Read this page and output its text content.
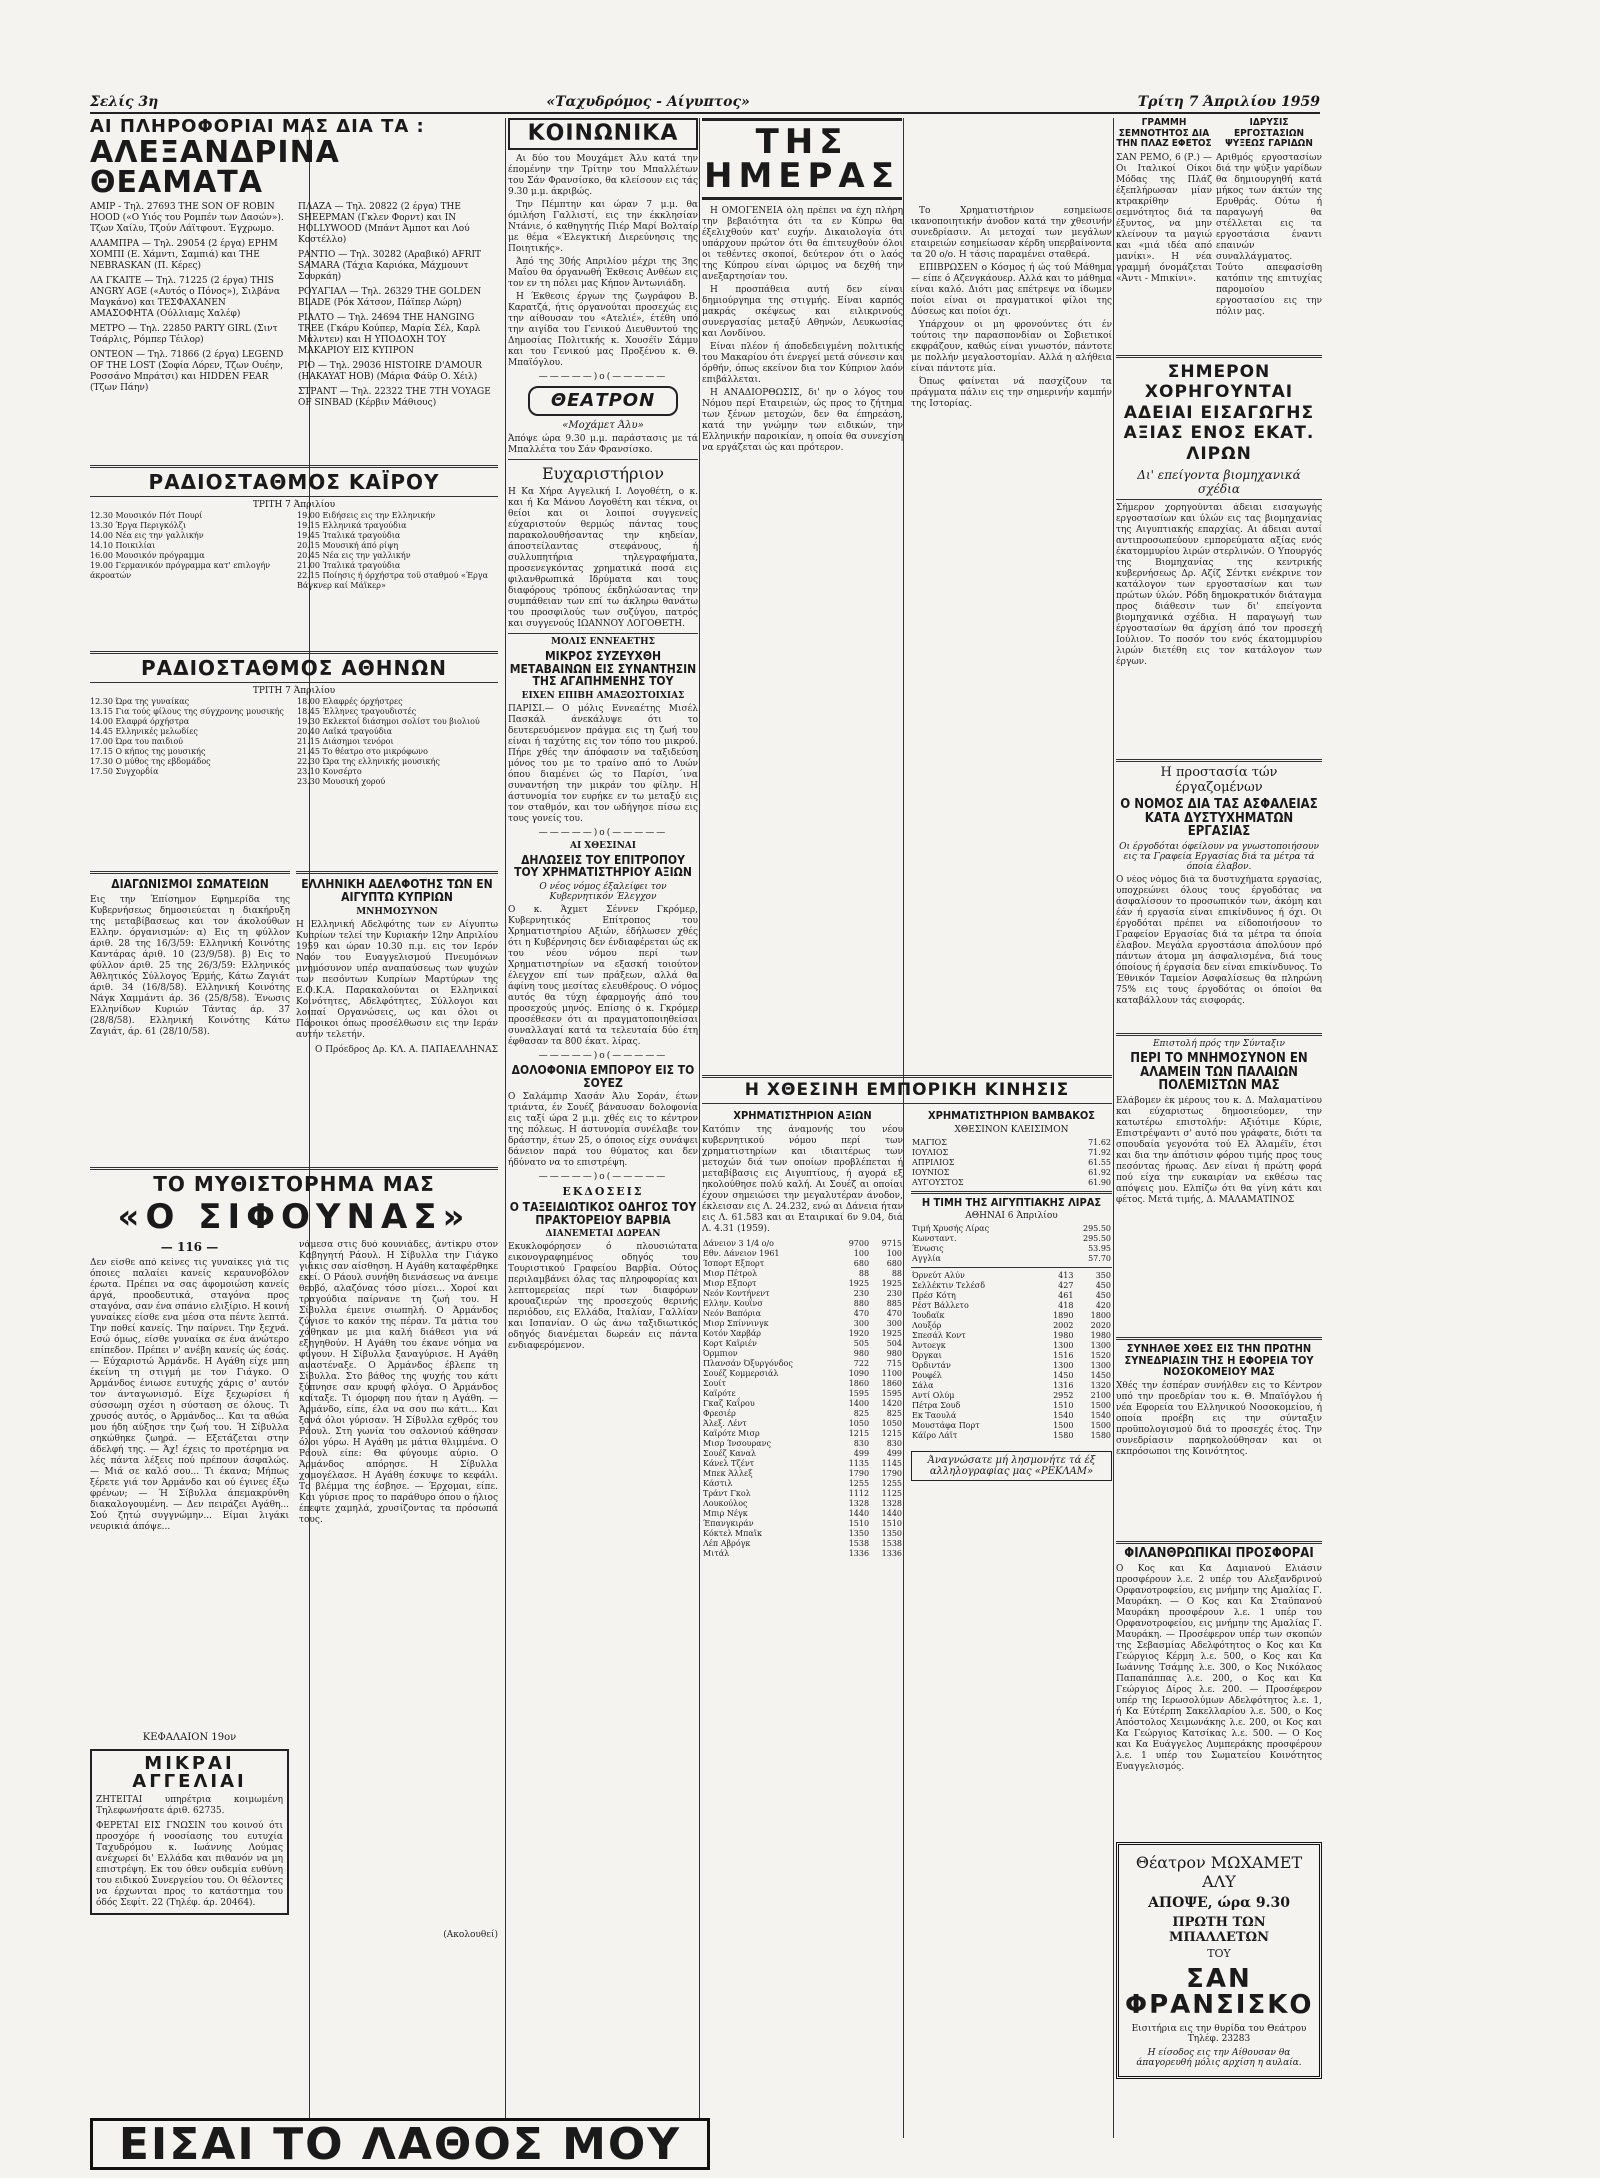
Σελίς 3η	«Ταχυδρόμος - Αίγυπτος»	Τρίτη 7 Άπριλίου 1959
ΑΙ ΠΛΗΡΟΦΟΡΙΑΙ ΜΑΣ ΔΙΑ ΤΑ :
ΑΛΕΞΑΝΔΡΙΝΑ ΘΕΑΜΑΤΑ
ΑΜΙΡ - Τηλ. 27693 THE SON OF ROBIN HOOD («Ο Υιός του Ρομπέν των Δασών»). Τζων Χαίλυ, Τζούν Λάϊτφουτ. Έγχρωμο.
ΑΛΑΜΠΡΑ — Τηλ. 29054 (2 έργα) ΕΡΗΜ ΧΟΜΠΙ (Ε. Χάμντι, Σαμπιά) και THE NEBRASKAN (Π. Κέρες)
ΛΑ ΓΚΑΙΤΕ — Τηλ. 71225 (2 έργα) THIS ANGRY AGE («Αυτός ο Πόνος»), Σιλβάνα Μαγκάνο) και ΤΕΣΦΑΧΑΝΕΝ ΑΜΑΣΟΦΗΤΑ (Ούλλιαμς Χαλέφ)
ΜΕΤΡΟ — Τηλ. 22850 PARTY GIRL (Σιντ Τσάρλις, Ρόμπερ Τέιλορ)
ΟΝΤΕΟΝ — Τηλ. 71866 (2 έργα) LEGEND OF THE LOST (Σοφία Λόρεν, Τζων Ουέην, Ροσσάνο Μπράτσι) και HIDDEN FEAR (Τζων Πάην)
ΠΛΑΖΑ — Τηλ. 20822 (2 έργα) THE SHEEPMAN (Γκλεν Φορντ) και IN HOLLYWOOD (Μπάντ Άμποτ και Λού Κοστέλλο)
ΡΑΝΤΙΟ — Τηλ. 30282 (Αραβικό) AFRIT SAMARA (Τάχια Καριόκα, Μάχμουντ Σουρκάη)
ΡΟΥΑΓΙΑΛ — Τηλ. 26329 THE GOLDEN BLADE (Ρόκ Χάτσον, Πάϊπερ Λώρη)
ΡΙΑΛΤΟ — Τηλ. 24694 THE HANGING TREE (Γκάρυ Κούπερ, Μαρία Σέλ, Καρλ Μάλντεν) και Η ΥΠΟΔΟΧΗ ΤΟΥ ΜΑΚΑΡΙΟΥ ΕΙΣ ΚΥΠΡΟΝ
ΡΙΟ — Τηλ. 29036 HISTOIRE D'AMOUR (HAKAYAT HOB) (Μάρια Φάϋρ Ο. Χέιλ)
ΣΤΡΑΝΤ — Τηλ. 22322 THE 7TH VOYAGE OF SINBAD (Κέρβιν Μάθιους)
ΡΑΔΙΟΣΤΑΘΜΟΣ ΚΑΪΡΟΥ
ΤΡΙΤΗ 7 Άπριλίου
12.30 Μουσικόν Πότ Πουρί
13.30 Έργα Περιγκόλζι
14.00 Νέα εις την γαλλικήν
14.10 Ποικιλίαι
16.00 Μουσικόν πρόγραμμα
19.00 Γερμανικόν πρόγραμμα κατ' επιλογήν άκροατών
19.00 Ειδήσεις εις την Ελληνικήν
19.15 Ελληνικά τραγούδια
19.45 Ίταλικά τραγούδια
20.15 Μουσική άπό ρίψη
20.45 Νέα εις την γαλλικήν
21.00 Ίταλικά τραγούδια
22.15 Ποίησις ή όρχήστρα τοϋ σταθμού «Έργα Βάγκνερ καί Μάϊκερ»
ΡΑΔΙΟΣΤΑΘΜΟΣ ΑΘΗΝΩΝ
ΤΡΙΤΗ 7 Άπριλίου
12.30 Ώρα της γυναίκας
13.15 Για τούς φίλους της σύγχρονης μουσικής
14.00 Ελαφρά όρχήστρα
14.45 Ελληνικές μελωδίες
17.00 Ώρα του παιδιού
17.15 Ο κήπος της μουσικής
17.30 Ο μύθος της εβδομάδος
17.50 Συγχορδία
18.00 Ελαφρές όρχήστρες
18.45 Έλληνες τραγουδιστές
19.30 Εκλεκτοί διάσημοι σολίστ του βιολιού
20.40 Λαϊκά τραγούδια
21.15 Διάσημοι τενόροι
21.45 Το θέατρο στο μικρόφωνο
22.30 Ώρα της ελληνικής μουσικής
23.10 Κονσέρτο
23.30 Μουσική χορού
ΔΙΑΓΩΝΙΣΜΟΙ ΣΩΜΑΤΕΙΩΝ
Εις την Έπίσημον Εφημερίδα της Κυβερνήσεως δημοσιεύεται η διακήρυξη της μεταβίβασεως και τον άκολούθων Ελλην. όργανισμών: α) Εις τη φύλλον άριθ. 28 της 16/3/59: Ελληνική Κοινότης Καντάρας άριθ. 10 (23/9/58). β) Εις το φύλλον άριθ. 25 της 26/3/59: Ελληνικός Άθλητικός Σύλλογος Έρμής, Κάτω Ζαγιάτ άριθ. 34 (16/8/58). Ελληνική Κοινότης Νάγκ Χαμμάντι άρ. 36 (25/8/58). Ένωσις Ελληνίδων Κυριών Τάντας άρ. 37 (28/8/58). Ελληνική Κοινότης Κάτω Ζαγιάτ, άρ. 61 (28/10/58).
ΕΛΛΗΝΙΚΗ ΑΔΕΛΦΟΤΗΣ ΤΩΝ ΕΝ ΑΙΓΥΠΤΩ ΚΥΠΡΙΩΝ
ΜΝΗΜΟΣΥΝΟΝ
Η Ελληνική Αδελφότης των εν Αίγυπτω Κυπρίων τελεί την Κυριακήν 12ην Απριλίου 1959 και ώραν 10.30 π.μ. εις τον Ιερόν Ναόν του Ευαγγελισμού Πνευμόνων μνημόσυνον υπέρ αναπαύσεως των ψυχών των πεσόντων Κυπρίων Μαρτύρων της Ε.Ο.Κ.Α. Παρακαλούνται οι Ελληνικαί Κοινότητες, Αδελφότητες, Σύλλογοι και λοιπαί Οργανώσεις, ως και όλοι οι Πάροικοι όπως προσέλθωσιν εις την Ιεράν αυτήν τελετήν.
Ο Πρόεδρος Δρ. ΚΛ. Α. ΠΑΠΑΕΛΛΗΝΑΣ
ΤΟ ΜΥΘΙΣΤΟΡΗΜΑ ΜΑΣ
«Ο ΣΙΦΟΥΝΑΣ»
— 116 —
Δεν είσθε από κείνες τις γυναίκες γιά τις όποιες παλαίει κανείς κεραυνοβόλον έρωτα. Πρέπει να σας άφομοιώση κανείς άργά, προοδευτικά, σταγόνα προς σταγόνα, σαν ένα σπάνιο ελιξίριο. Η κοινή γυναίκες είσθε ενα μέσα στα πέντε λεπτά. Την ποθεί κανείς. Την παίρνει. Την ξεχνά. Εσώ όμως, είσθε γυναίκα σε ένα άνώτερο επίπεδον. Πρέπει ν' ανέβη κανείς ώς έσάς. — Εύχαριστώ Άρμάνδε. Η Αγάθη είχε μπη έκείνη τη στιγμή με τον Γιάγκο. Ο Άρμάνδος ένιωσε ευτυχής χάρις σ' αυτόν τον άνταγωνισμό. Είχε ξεχωρίσει ή σύσσωμη σχέσι η σύσταση σε όλους. Τι χρυσός αυτός, ο Άρμάνδος... Και τα αθώα μου ήδη αύξησε την ζωή του. Ή Σίβυλλα σηκώθηκε ζωηρά. — Εξετάζεται στην άδελφή της. — Άχ! έχεις το προτέρημα να λές πάντα λέξεις πού πρέπουν άσφαλώς. — Μιά σε καλό σου... Τι έκανα; Μήπως ξέρετε γιά τον Άρμάνδο και ού έγινες έξω φρένων; — Ή Σίβυλλα άπεμακρύνθη διακαλογουμένη. — Δεν πειράζει Αγάθη... Σού ζητώ συγγνώμην... Είμαι λιγάκι νευρικιά άπόψε...
ΚΕΦΑΛΑΙΟΝ 19ον
ΜΙΚΡΑΙ ΑΓΓΕΛΙΑΙ
ΖΗΤΕΙΤΑΙ υπηρέτρια κοιμωμένη Τηλεφωνήσατε άριθ. 62735.
ΦΕΡΕΤΑΙ ΕΙΣ ΓΝΩΣΙΝ του κοινού ότι προσχόρε ή νοοσίασης του ευτυχία Ταχυδρόμου κ. Ιωάννης Λούμας ανέχωρεί δι' Ελλάδα και πιθανόν να μη επιστρέψη. Εκ του όθεν ουδεμία ευθύνη του ειδικού Συνεργείου του. Οι θέλοντες να έρχωνται προς το κατάστημα του όδός Σεφίτ. 22 (Τηλέφ. άρ. 20464).
νάμεσα στις δυό κουνιάδες, άντίκρυ στον Καβηγητή Ράουλ. Η Σίβυλλα την Γιάγκο γιάκις σαν αίσθηση. Η Αγάθη καταφέρθηκε εκεί. Ο Ράουλ συνήθη διενάσεως να άνειμε θεοβό, αλαζόνας τόσο μίσει... Χοροί και τραγούδια παίρνανε τη ζωή του. Η Σίβυλλα έμεινε σιωπηλή. Ο Άρμάνδος ζύγισε το κακόν της πέραν. Τα μάτια του χάθηκαν με μια καλή διάθεσι για νά εξηγηθούν. Η Αγάθη του έκανε νόημα να φύγουν. Η Σίβυλλα ξαναγύρισε. Η Αγάθη αναστέναξε. Ο Άρμάνδος έβλεπε τη Σίβυλλα. Στο βάθος της ψυχής του κάτι ξύπνησε σαν κρυφή φλόγα. Ο Άρμάνδος κοίταξε. Τι όμορφη που ήταν η Αγάθη. — Άρμάνδο, είπε, έλα να σου πω κάτι... Και ξανά όλοι γύρισαν. Ή Σίβυλλα εχθρός του Ράουλ. Στη γωνία του σαλονιού κάθησαν όλοι γύρω. Η Αγάθη με μάτια θλιμμένα. Ο Ράουλ είπε: Θα φύγουμε αύριο. Ο Άρμάνδος απόρησε. Η Σίβυλλα χαμογέλασε. Η Αγάθη έσκυψε το κεφάλι. Το βλέμμα της έσβησε. — Έρχομαι, είπε. Και γύρισε προς το παράθυρο όπου ο ήλιος έπεφτε χαμηλά, χρυσίζοντας τα πρόσωπά τους.
(Ακολουθεί)
ΚΟΙΝΩΝΙΚΑ

Αι δύο του Μουχάμετ Άλυ κατά την έπομένην την Τρίτην του Μπαλλέτων του Σάν Φρανσίσκο, θα κλείσουν εις τάς 9.30 μ.μ. άκριβώς.

Την Πέμπτην και ώραν 7 μ.μ. θα όμιλήση Γαλλιστί, εις την έκκλησίαν Ντάνιε, ό καθηγητής Πιέρ Μαρί Βολταίρ με θέμα «Έλεγκτική Διερεύνησις της Ποιητικής».

Άπό της 30ής Απριλίου μέχρι της 3ης Μαΐου θα όργανωθή Έκθεσις Ανθέων εις τον εν τη πόλει μας Κήπον Άντωνιάδη.

Η Έκθεσις έργων της ζωγράφου Β. Καρατζά, ήτις όργανούται προσεχώς εις την αίθουσαν του «Ατελιέ», έτέθη υπό την αιγίδα του Γενικού Διευθυντού της Δημοσίας Πολιτικής κ. Χουσέϊν Σάμμυ και του Γενικού μας Προξένου κ. Θ. Μπαϊόγλου.

—————)o(—————
ΘΕΑΤΡΟΝ
«Μοχάμετ Άλυ»
Άπόψε ώρα 9.30 μ.μ. παράστασις με τά Μπαλλέτα του Σάν Φρανσίσκο.
Ευχαριστήριον
Η Κα Χήρα Αγγελική Ι. Λογοθέτη, ο κ. και ή Κα Μάνου Λογοθέτη και τέκνα, οι θείοι και οι λοιποί συγγενείς εύχαριστούν θερμώς πάντας τους παρακολουθήσαντας την κηδείαν, άποστείλαντας στεφάνους, ή συλλυπητήρια τηλεγραφήματα, προσενεγκόντας χρηματικά ποσά εις φιλανθρωπικά Ιδρύματα και τους διαφόρους τρόπους έκδηλώσαντας την συμπάθειαν των επί τω άκληρω θανάτω του προσφιλούς των συζύγου, πατρός και συγγενούς ΙΩΑΝΝΟΥ ΛΟΓΟΘΕΤΗ.
ΜΟΛΙΣ ΕΝΝΕΑΕΤΗΣ
ΜΙΚΡΟΣ ΣΥΖΕΥΧΘΗ ΜΕΤΑΒΑΙΝΩΝ ΕΙΣ ΣΥΝΑΝΤΗΣΙΝ ΤΗΣ ΑΓΑΠΗΜΕΝΗΣ ΤΟΥ
ΕΙΧΕΝ ΕΠΙΒΗ ΑΜΑΞΟΣΤΟΙΧΙΑΣ
ΠΑΡΙΣΙ.— Ο μόλις Εννεαέτης Μισέλ Πασκάλ άνεκάλυψε ότι το δευτερευόμενον πράγμα εις τη ζωή του είναι ή ταχύτης εις τον τόπο του μικρού. Πήρε χθές την άπόφασιν να ταξιδεύση μόνος του με το τραίνο από το Λυών όπου διαμένει ώς το Παρίσι, ΄ινα συναντήση την μικράν του φίλην. Η άστυνομία τον ευρήκε εν τω μεταξύ εις τον σταθμόν, και τον ωδήγησε πίσω εις τους γονείς του.
—————)o(—————
ΑΙ ΧΘΕΣΙΝΑΙ
ΔΗΛΩΣΕΙΣ ΤΟΥ ΕΠΙΤΡΟΠΟΥ ΤΟΥ ΧΡΗΜΑΤΙΣΤΗΡΙΟΥ ΑΞΙΩΝ
Ο νέος νόμος έξαλείφει τον Κυβερνητικόν Έλεγχον
Ο κ. Άχμετ Σέννεν Γκρόμερ, Κυβερνητικός Επίτροπος του Χρηματιστηρίου Αξιών, έδήλωσεν χθές ότι η Κυβέρνησις δεν ένδιαφέρεται ώς εκ του νέου νόμου περί των Χρηματιστηρίων να εξασκή τοιούτον έλεγχον επί των πράξεων, αλλά θα άφίνη τους μεσίτας ελευθέρους. Ο νόμος αυτός θα τύχη έφαρμογής άπό του προσεχούς μηνός. Επίσης ό κ. Γκρόμερ προσέθεσεν ότι αι πραγματοποιηθείσαι συναλλαγαί κατά τα τελευταία δύο έτη έφθασαν τα 800 έκατ. λίρας.
—————)o(—————
ΔΟΛΟΦΟΝΙΑ ΕΜΠΟΡΟΥ ΕΙΣ ΤΟ ΣΟΥΕΖ
Ο Σαλάμπιρ Χασάν Άλυ Σοράν, έτων τριάντα, έν Σουέζ βάναυσαν δολοφονία εις ταξί ώρα 2 μ.μ. χθές εις το κέντρον της πόλεως. Η άστυνομία συνέλαβε τον δράστην, έτων 25, ο όποιος είχε συνάψει δάνειον παρά του θύματος και δεν ήδύνατο να το επιστρέψη.
—————)o(—————
ΕΚΔΟΣΕΙΣ
Ο ΤΑΞΕΙΔΙΩΤΙΚΟΣ ΟΔΗΓΟΣ ΤΟΥ ΠΡΑΚΤΟΡΕΙΟΥ ΒΑΡΒΙΑ
ΔΙΑΝΕΜΕΤΑΙ ΔΩΡΕΑΝ
Εκυκλοφόρησεν ό πλουσιώτατα εικονογραφημένος οδηγός του Τουριστικού Γραφείου Βαρβία. Ούτος περιλαμβάνει όλας τας πληροφορίας και λεπτομερείας περί των διαφόρων κρουαζιερών της προσεχούς θερινής περιόδου, εις Ελλάδα, Ιταλίαν, Γαλλίαν και Ισπανίαν. Ο ώς άνω ταξιδιωτικός οδηγός διανέμεται δωρεάν εις πάντα ενδιαφερόμενον.
ΤΗΣ ΗΜΕΡΑΣ

Η ΟΜΟΓΕΝΕΙΑ όλη πρέπει να έχη πλήρη την βεβαιότητα ότι τα εν Κύπρω θα έξελιχθούν κατ' ευχήν. Δικαιολογία ότι υπάρχουν πρώτον ότι θα έπιτευχθούν όλοι οι τεθέντες σκοποί, δεύτερον ότι ο λαός της Κύπρου είναι ώριμος να δεχθή την ανεξαρτησίαν του.

Η προσπάθεια αυτή δεν είναι δημιούργημα της στιγμής. Είναι καρπός μακράς σκέψεως και ειλικρινούς συνεργασίας μεταξύ Αθηνών, Λευκωσίας και Λονδίνου.

Είναι πλέον ή άποδεδειγμένη πολιτικής του Μακαρίου ότι ένεργεί μετά σύνεσιν και όρθήν, όπως εκείνον δια τον Κύπριον λαόν επιβάλλεται.

Η ΑΝΑΔΙΟΡΘΩΣΙΣ, δι' ην ο λόγος του Νόμου περί Εταιρειών, ώς προς το ζήτημα των ξένων μετοχών, δεν θα έπηρεάση, κατά την γνώμην των ειδικών, την Ελληνικήν παροικίαν, η οποία θα συνεχίση να εργάζεται ώς και πρότερον.

Το Χρηματιστήριον εσημείωσε ικανοποιητικήν άνοδον κατά την χθεσινήν συνεδρίασιν. Αι μετοχαί των μεγάλων εταιρειών εσημείωσαν κέρδη υπερβαίνοντα τα 20 ο/ο. Η τάσις παραμένει σταθερά.

ΕΠΙΒΡΩΣΕΝ ο Κόσμος ή ώς τού Μάθημα — είπε ό Αζενγκάουερ. Αλλά και το μάθημα είναι καλό. Διότι μας επέτρεψε να ίδωμεν ποίοι είναι οι πραγματικοί φίλοι της Δύσεως και ποίοι όχι.

Υπάρχουν οι μη φρονούντες ότι έν τούτοις την παρασπονδίαν οι Σοβιετικοί εκφράζουν, καθώς είναι γνωστόν, πάντοτε με πολλήν μεγαλοστομίαν. Αλλά η αλήθεια είναι πάντοτε μία.

Όπως φαίνεται νά πασχίζουν τα πράγματα πάλιν εις την σημερινήν καμπήν της Ιστορίας.

ΓΡΑΜΜΗ ΣΕΜΝΟΤΗΤΟΣ ΔΙΑ ΤΗΝ ΠΛΑΖ ΕΦΕΤΟΣ
ΣΑΝ ΡΕΜΟ, 6 (Ρ.) — Οι Ιταλικοί Οίκοι Μόδας της Πλάζ έξεπλήρωσαν μίαν κτρακρίθην σεμνότητος διά τα έξυντος, να μην κλείνουν τα μαγιώ και «μιά ιδέα από μανίκι». Η νέα γραμμή όνομάζεται «Άντι - Μπικίνι».
ΙΔΡΥΣΙΣ ΕΡΓΟΣΤΑΣΙΩΝ ΨΥΞΕΩΣ ΓΑΡΙΔΩΝ
Αριθμός εργοστασίων διά την ψύξιν γαρίδων θα δημιουργηθή κατά μήκος των άκτών της Ερυθράς. Ούτω ή παραγωγή θα στέλλεται εις τα εργοστάσια έναντι επαινών συναλλάγματος. Τούτο απεφασίσθη κατόπιν της επιτυχίας παρομοίου εργοστασίου εις την πόλιν μας.
ΣΗΜΕΡΟΝ ΧΟΡΗΓΟΥΝΤΑΙ ΑΔΕΙΑΙ ΕΙΣΑΓΩΓΗΣ ΑΞΙΑΣ ΕΝΟΣ ΕΚΑΤ. ΛΙΡΩΝ
Δι' επείγοντα βιομηχανικά σχέδια
Σήμερον χορηγούνται άδειαι εισαγωγής εργοστασίων και ύλών εις τας βιομηχανίας της Αιγυπτιακής επαρχίας. Αι άδειαι αυταί αντιπροσωπεύουν εμπορεύματα αξίας ενός έκατομμυρίου λιρών στερλινών. Ο Υπουργός της Βιομηχανίας της κεντρικής κυβερνήσεως Δρ. Αζίζ Σέντκι ενέκρινε τον κατάλογον των εργοστασίων και των πρώτων ύλών. Ρόδη δημοκρατικόν διάταγμα προς διάθεσιν των δι' επείγοντα βιομηχανικά σχέδια. Η παραγωγή των έργοστασίων θα άρχίση άπό τον προσεχή Ιούλιον. Το ποσόν του ενός έκατομμυρίου λιρών διετέθη εις τον κατάλογον των έργων.
Η προστασία τών έργαζομένων
Ο ΝΟΜΟΣ ΔΙΑ ΤΑΣ ΑΣΦΑΛΕΙΑΣ ΚΑΤΑ ΔΥΣΤΥΧΗΜΑΤΩΝ ΕΡΓΑΣΙΑΣ
Οι έργοδόται όφείλουν να γνωστοποιήσουν εις τα Γραφεία Εργασίας διά τα μέτρα τά όποία έλαβον.
Ο νέος νόμος διά τα δυστυχήματα εργασίας, υποχρεώνει όλους τους έργοδότας να άσφαλίσουν το προσωπικόν των, άκόμη και έάν ή εργασία είναι επικίνδυνος ή όχι. Οι έργοδόται πρέπει να είδοποιήσουν το Γραφείον Εργασίας διά τα μέτρα τα όποία έλαβον. Μεγάλα εργοστάσια άπολύουν πρό πάντων άτομα μη άσφαλισμένα, διά τους όποίους ή έργασία δεν είναι επικίνδυνος. Το Έθνικόν Ταμείον Ασφαλίσεως θα πληρώνη 75% εις τους έργοδότας οι όποίοι θα καταβάλλουν τάς εισφοράς.
Επιστολή πρός την Σύνταξιν
ΠΕΡΙ ΤΟ ΜΝΗΜΟΣΥΝΟΝ ΕΝ ΑΛΑΜΕΙΝ ΤΩΝ ΠΑΛΑΙΩΝ ΠΟΛΕΜΙΣΤΩΝ ΜΑΣ
Ελάβομεν έκ μέρους του κ. Δ. Μαλαματίνου και εύχαριστως δημοσιεύομεν, την κατωτέρω επιστολήν: Αξιότιμε Κύριε, Επιστρέψαντι σ' αυτό που γράφατε, διότι τα σπουδαία γεγονότα τού Ελ Άλαμέϊν, έτσι και δια την άπότισιν φόρου τιμής προς τους πεσόντας ήρωας. Δεν είναι ή πρώτη φορά πού είχα την ευκαιρίαν να εκθέσω τας απόψεις μου. Ελπίζω ότι θα γίνη κάτι και φέτος. Μετά τιμής, Δ. ΜΑΛΑΜΑΤΙΝΟΣ
ΣΥΝΗΛΘΕ ΧΘΕΣ ΕΙΣ ΤΗΝ ΠΡΩΤΗΝ ΣΥΝΕΔΡΙΑΣΙΝ ΤΗΣ Η ΕΦΟΡΕΙΑ ΤΟΥ ΝΟΣΟΚΟΜΕΙΟΥ ΜΑΣ
Χθές την έσπέραν συνήλθεν εις το Κέντρον υπό την προεδρίαν του κ. Θ. Μπαϊόγλου ή νέα Εφορεία του Ελληνικού Νοσοκομείου, ή οποία προέβη εις την σύνταξιν προϋπολογισμού διά το προσεχές έτος. Την συνεδρίασιν παρηκολούθησαν και οι εκπρόσωποι της Κοινότητος.
ΦΙΛΑΝΘΡΩΠΙΚΑΙ ΠΡΟΣΦΟΡΑΙ
Ο Κος και Κα Δαμιανού Ελιάσιν προσφέρουν λ.ε. 2 υπέρ του Αλεξανδρινού Ορφανοτροφείου, εις μνήμην της Αμαλίας Γ. Μαυράκη. — Ο Κος και Κα Σταϋπανού Μαυράκη προσφέρουν λ.ε. 1 υπέρ του Ορφανοτροφείου, εις μνήμην της Αμαλίας Γ. Μαυράκη. — Προσέφερον υπέρ των σκοπών της Σεβασμίας Αδελφότητος ο Κος και Κα Γεώργιος Κέρμη λ.ε. 500, ο Κος και Κα Ιωάννης Τσάμης λ.ε. 300, ο Κος Νικόλαος Παπαπάππας λ.ε. 200, ο Κος και Κα Γεώργιος Δίρος λ.ε. 200. — Προσέφερον υπέρ της Ιερωσολύμων Αδελφότητος λ.ε. 1, ή Κα Εύτέρπη Σακελλαρίου λ.ε. 500, ο Κος Απόστολος Χειμωνάκης λ.ε. 200, οι Κος και Κα Γεώργιος Κατσίκας λ.ε. 500. — Ο Κος και Κα Ευάγγελος Λυμπεράκης προσφέρουν λ.ε. 1 υπέρ του Σωματείου Κοινότητος Ευαγγελισμός.
Θέατρον ΜΩΧΑΜΕΤ ΑΛΥ
ΑΠΟΨΕ, ώρα 9.30
ΠΡΩΤΗ ΤΩΝ ΜΠΑΛΛΕΤΩΝ
ΤΟΥ
ΣΑΝ ΦΡΑΝΣΙΣΚΟ
Εισιτήρια εις την θυρίδα του Θεάτρου Τηλέφ. 23283
Η είσοδος εις την Αίθουσαν θα άπαγορευθή μόλις αρχίση η αυλαία.
Η ΧΘΕΣΙΝΗ ΕΜΠΟΡΙΚΗ ΚΙΝΗΣΙΣ
ΧΡΗΜΑΤΙΣΤΗΡΙΟΝ ΑΞΙΩΝ
Κατόπιν της άναμονής του νέου κυβερνητικού νόμου περί των χρηματιστηρίων και ιδιαιτέρως των μετοχών διά των οποίων προβλέπεται ή μεταβίβασις εις Αιγυπτίους, ή αγορά εξ ηκολούθησε πολύ καλή. Αι Σουέζ αι οποίαι έχουν σημειώσει την μεγαλυτέραν άνοδον, έκλεισαν εις Λ. 24.232, ενώ αι Δάνεια ήταν εις Λ. 61.583 και αι Εταιρικαί 6ν 9.04, διά Λ. 4.31 (1959).
Δάνειον 3 1/4 ο/ο	9700	9715
Εθν. Δάνειον 1961	100	100
Ίσπορτ Εξπορτ	680	680
Μισρ Πέτρολ	88	88
Μισρ Εξπορτ	1925	1925
Νεόν Κοντήνεντ	230	230
Ελλην. Κουΐνσ	880	885
Νεόν Βαπόρια	470	470
Μισρ Σπίννινγκ	300	300
Κοτόν Χαρβάρ	1920	1925
Κορτ Καϊριέν	505	504
Όρμπιον	980	980
Πλανσάν Όξυργόνδος	722	715
Σουέζ Κομμερσιάλ	1090	1100
Σουίτ	1860	1860
Καϊρότε	1595	1595
Γκαζ Καΐρου	1400	1420
Φρεσιέρ	825	825
Άλεξ. Λέντ	1050	1050
Καϊρότε Μισρ	1215	1215
Μισρ Ίνσουρανς	830	830
Σουέζ Καναλ	499	499
Κάνελ Τζέντ	1135	1145
Μπεκ Άλλεξ	1790	1790
Κάστιλ	1255	1255
Τράντ Γκολ	1112	1125
Λουκούλος	1328	1328
Μπιρ Νέγκ	1440	1440
Έπανγκιράν	1510	1510
Κόκτελ Μπαϊκ	1350	1350
Λέπ Αβρόγκ	1538	1538
Μιτάλ	1336	1336
ΧΡΗΜΑΤΙΣΤΗΡΙΟΝ ΒΑΜΒΑΚΟΣ
ΧΘΕΣΙΝΟΝ ΚΛΕΙΣΙΜΟΝ
ΜΑΓΙΟΣ	71.62
ΙΟΥΛΙΟΣ	71.92
ΑΠΡΙΛΙΟΣ	61.55
ΙΟΥΝΙΟΣ	61.92
ΑΥΓΟΥΣΤΟΣ	61.90
Η ΤΙΜΗ ΤΗΣ ΑΙΓΥΠΤΙΑΚΗΣ ΛΙΡΑΣ
ΑΘΗΝΑΙ 6 Άπριλίου
Τιμή Χρυσής Λίρας	295.50
Κωνσταντ.	295.50
Ένωσις	53.95
Αγγλία	57.70
Όρνεύτ Αλύν	413	350
Σελλέκτιν Τελέσδ	427	450
Πρέσ Κότη	461	450
Ρέστ Βάλλετο	418	420
Ίουδαϊκ	1890	1800
Λουξόρ	2002	2020
Σπεσάλ Κοντ	1980	1980
Άντοεγκ	1300	1300
Όργκαι	1516	1520
Όρδιντάν	1300	1300
Ρουφέλ	1450	1450
Σάλα	1316	1320
Αντί Ολύμ	2952	2100
Πέτρα Σουδ	1510	1500
Εκ Ταουλά	1540	1540
Μουστάφα Πορτ	1500	1500
Κάϊρο Λάϊτ	1580	1580
Άναγνώσατε μή λησμονήτε τά έξ αλληλογραφίας μας «ΡΕΚΛΑΜ»
ΕΙΣΑΙ ΤΟ ΛΑΘΟΣ ΜΟΥ
